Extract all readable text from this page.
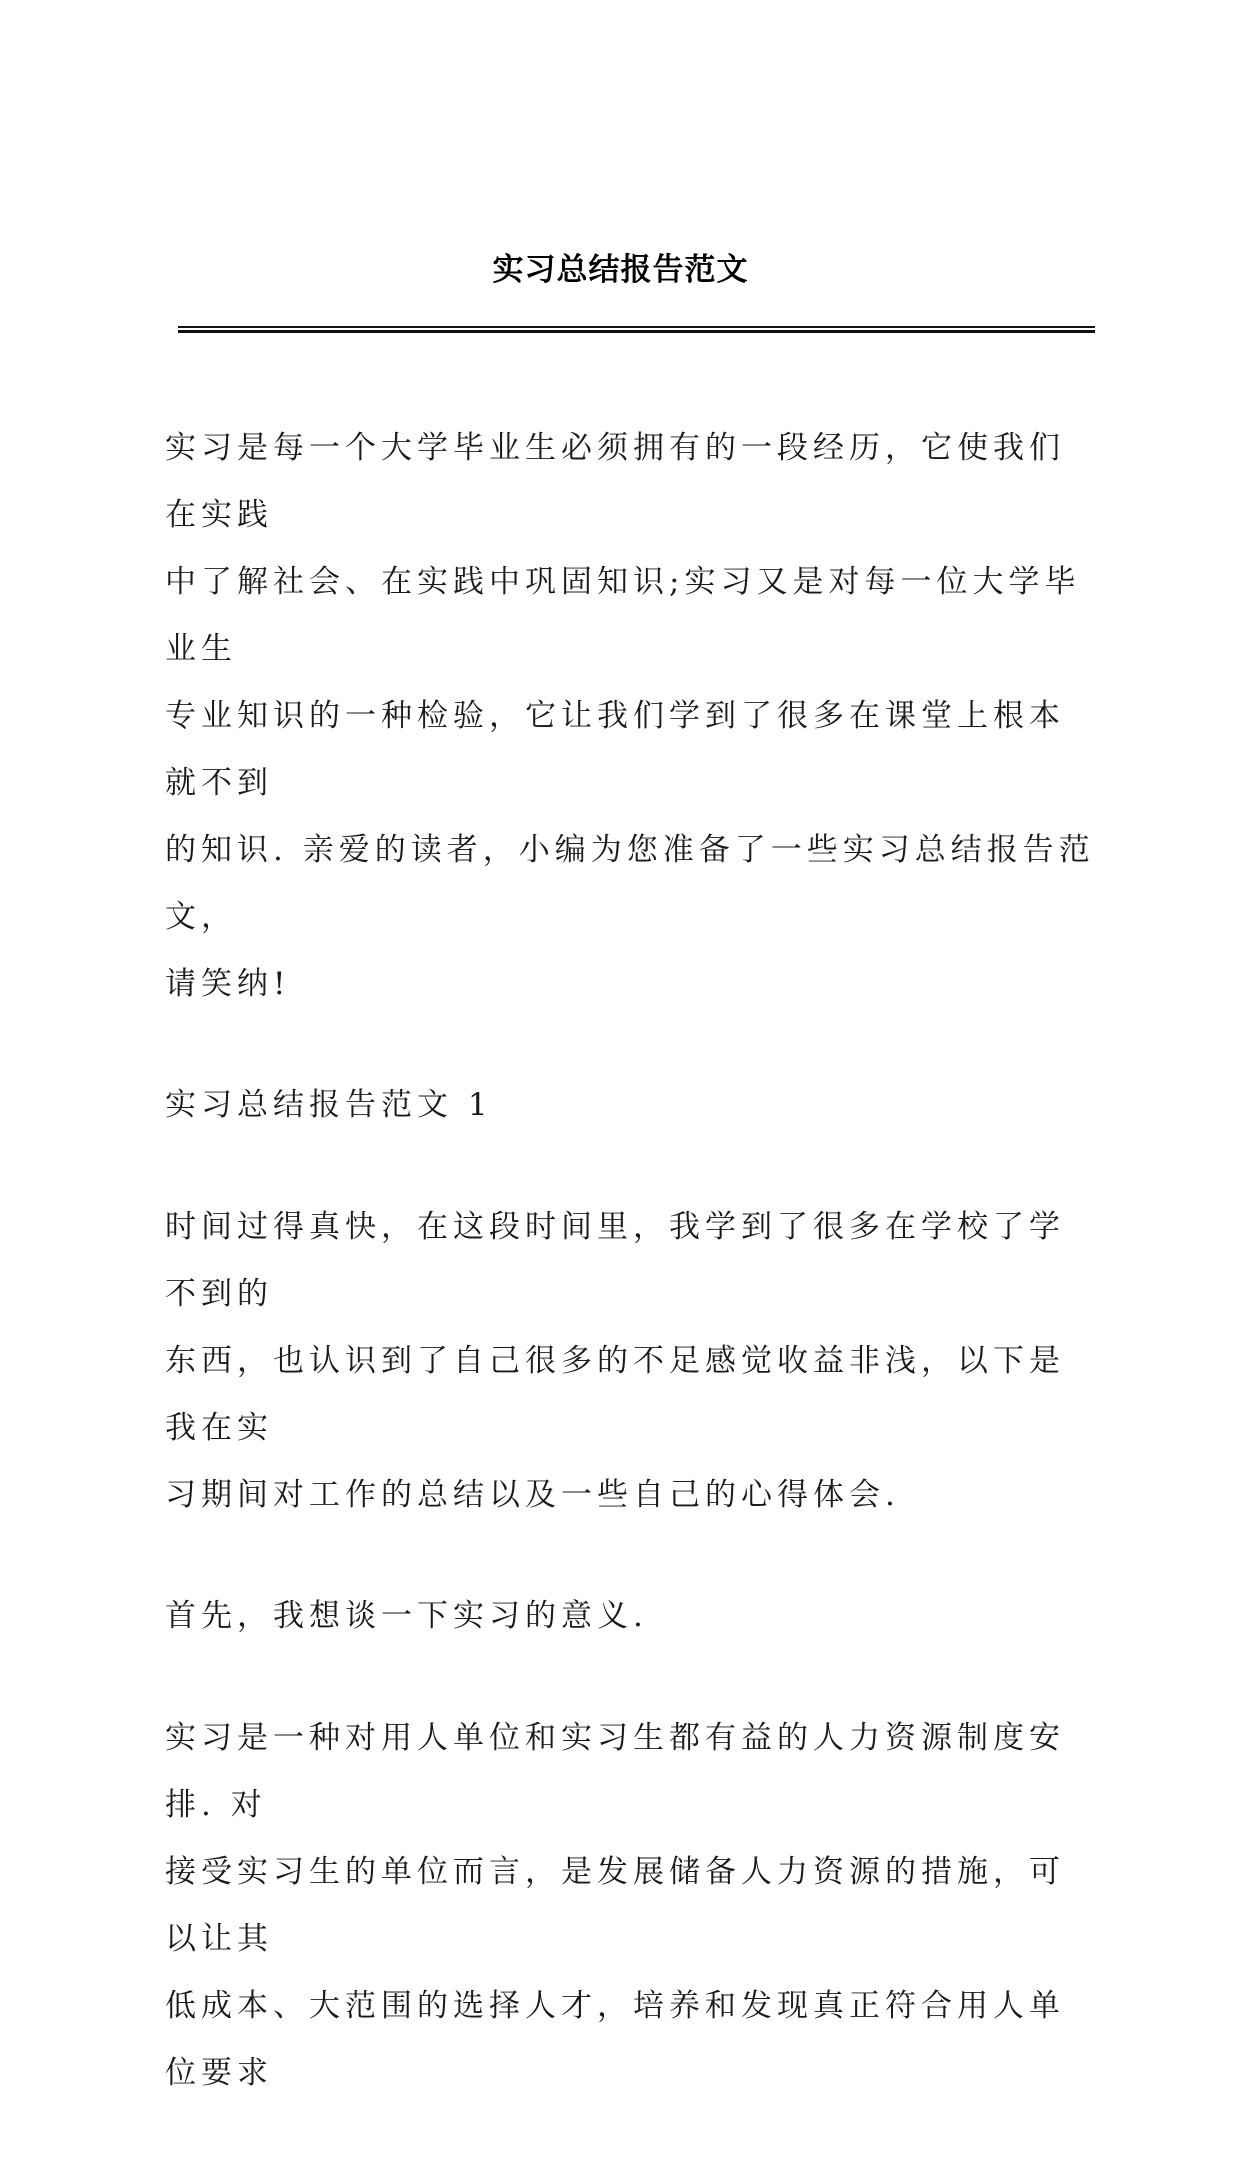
实习总结报告范文

实习是每一个大学毕业生必须拥有的一段经历，它使我们在实践
中了解社会、在实践中巩固知识;实习又是对每一位大学毕业生
专业知识的一种检验，它让我们学到了很多在课堂上根本就不到
的知识. 亲爱的读者，小编为您准备了一些实习总结报告范文，
请笑纳!

实习总结报告范文 1

时间过得真快，在这段时间里，我学到了很多在学校了学不到的
东西，也认识到了自己很多的不足感觉收益非浅，以下是我在实
习期间对工作的总结以及一些自己的心得体会.

首先，我想谈一下实习的意义.

实习是一种对用人单位和实习生都有益的人力资源制度安排. 对
接受实习生的单位而言，是发展储备人力资源的措施，可以让其
低成本、大范围的选择人才，培养和发现真正符合用人单位要求
